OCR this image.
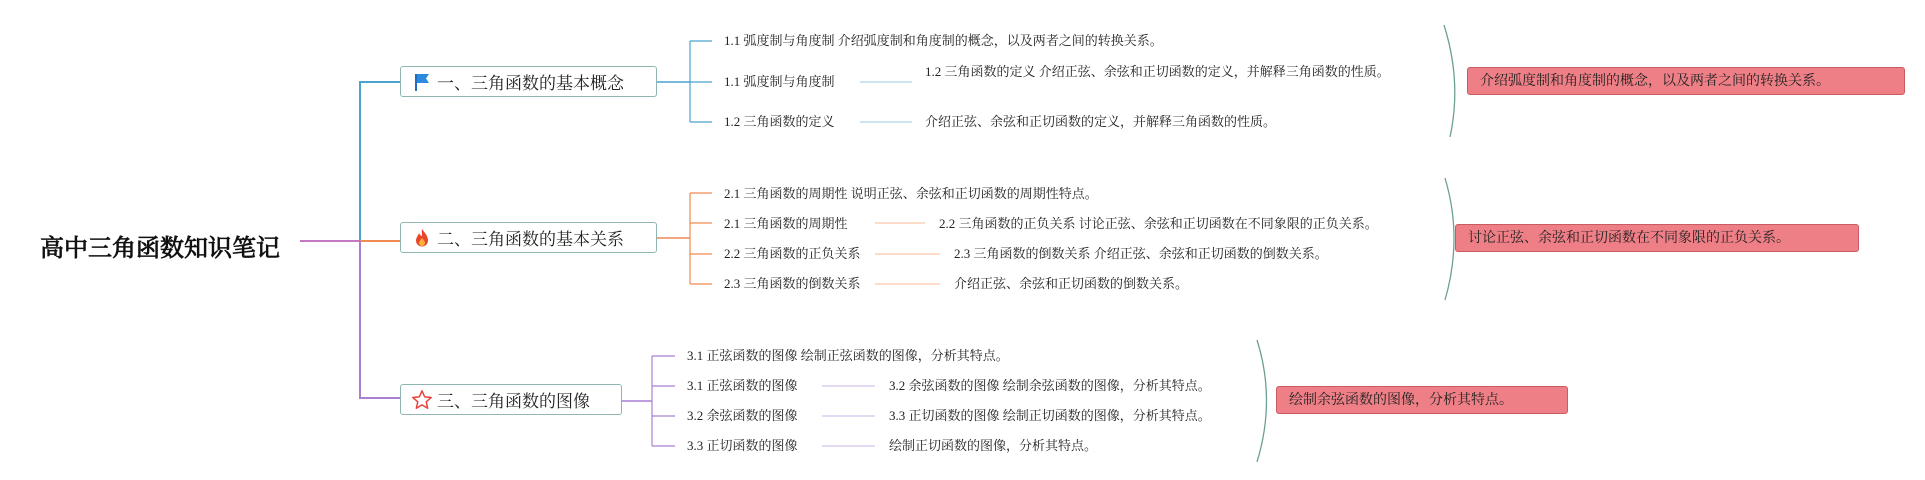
高中三角函数知识笔记
一、三角函数的基本概念
1.1 弧度制与角度制 介绍弧度制和角度制的概念，以及两者之间的转换关系。
1.1 弧度制与角度制
1.2 三角函数的定义 介绍正弦、余弦和正切函数的定义，并解释三角函数的性质。
1.2 三角函数的定义	介绍正弦、余弦和正切函数的定义，并解释三角函数的性质。
介绍弧度制和角度制的概念，以及两者之间的转换关系。
二、三角函数的基本关系
2.1 三角函数的周期性 说明正弦、余弦和正切函数的周期性特点。
2.1 三角函数的周期性	2.2 三角函数的正负关系 讨论正弦、余弦和正切函数在不同象限的正负关系。
2.2 三角函数的正负关系	2.3 三角函数的倒数关系 介绍正弦、余弦和正切函数的倒数关系。
2.3 三角函数的倒数关系	介绍正弦、余弦和正切函数的倒数关系。
讨论正弦、余弦和正切函数在不同象限的正负关系。
三、三角函数的图像
3.1 正弦函数的图像 绘制正弦函数的图像，分析其特点。
3.1 正弦函数的图像	3.2 余弦函数的图像 绘制余弦函数的图像，分析其特点。
3.2 余弦函数的图像	3.3 正切函数的图像 绘制正切函数的图像，分析其特点。
3.3 正切函数的图像	绘制正切函数的图像，分析其特点。
绘制余弦函数的图像，分析其特点。
